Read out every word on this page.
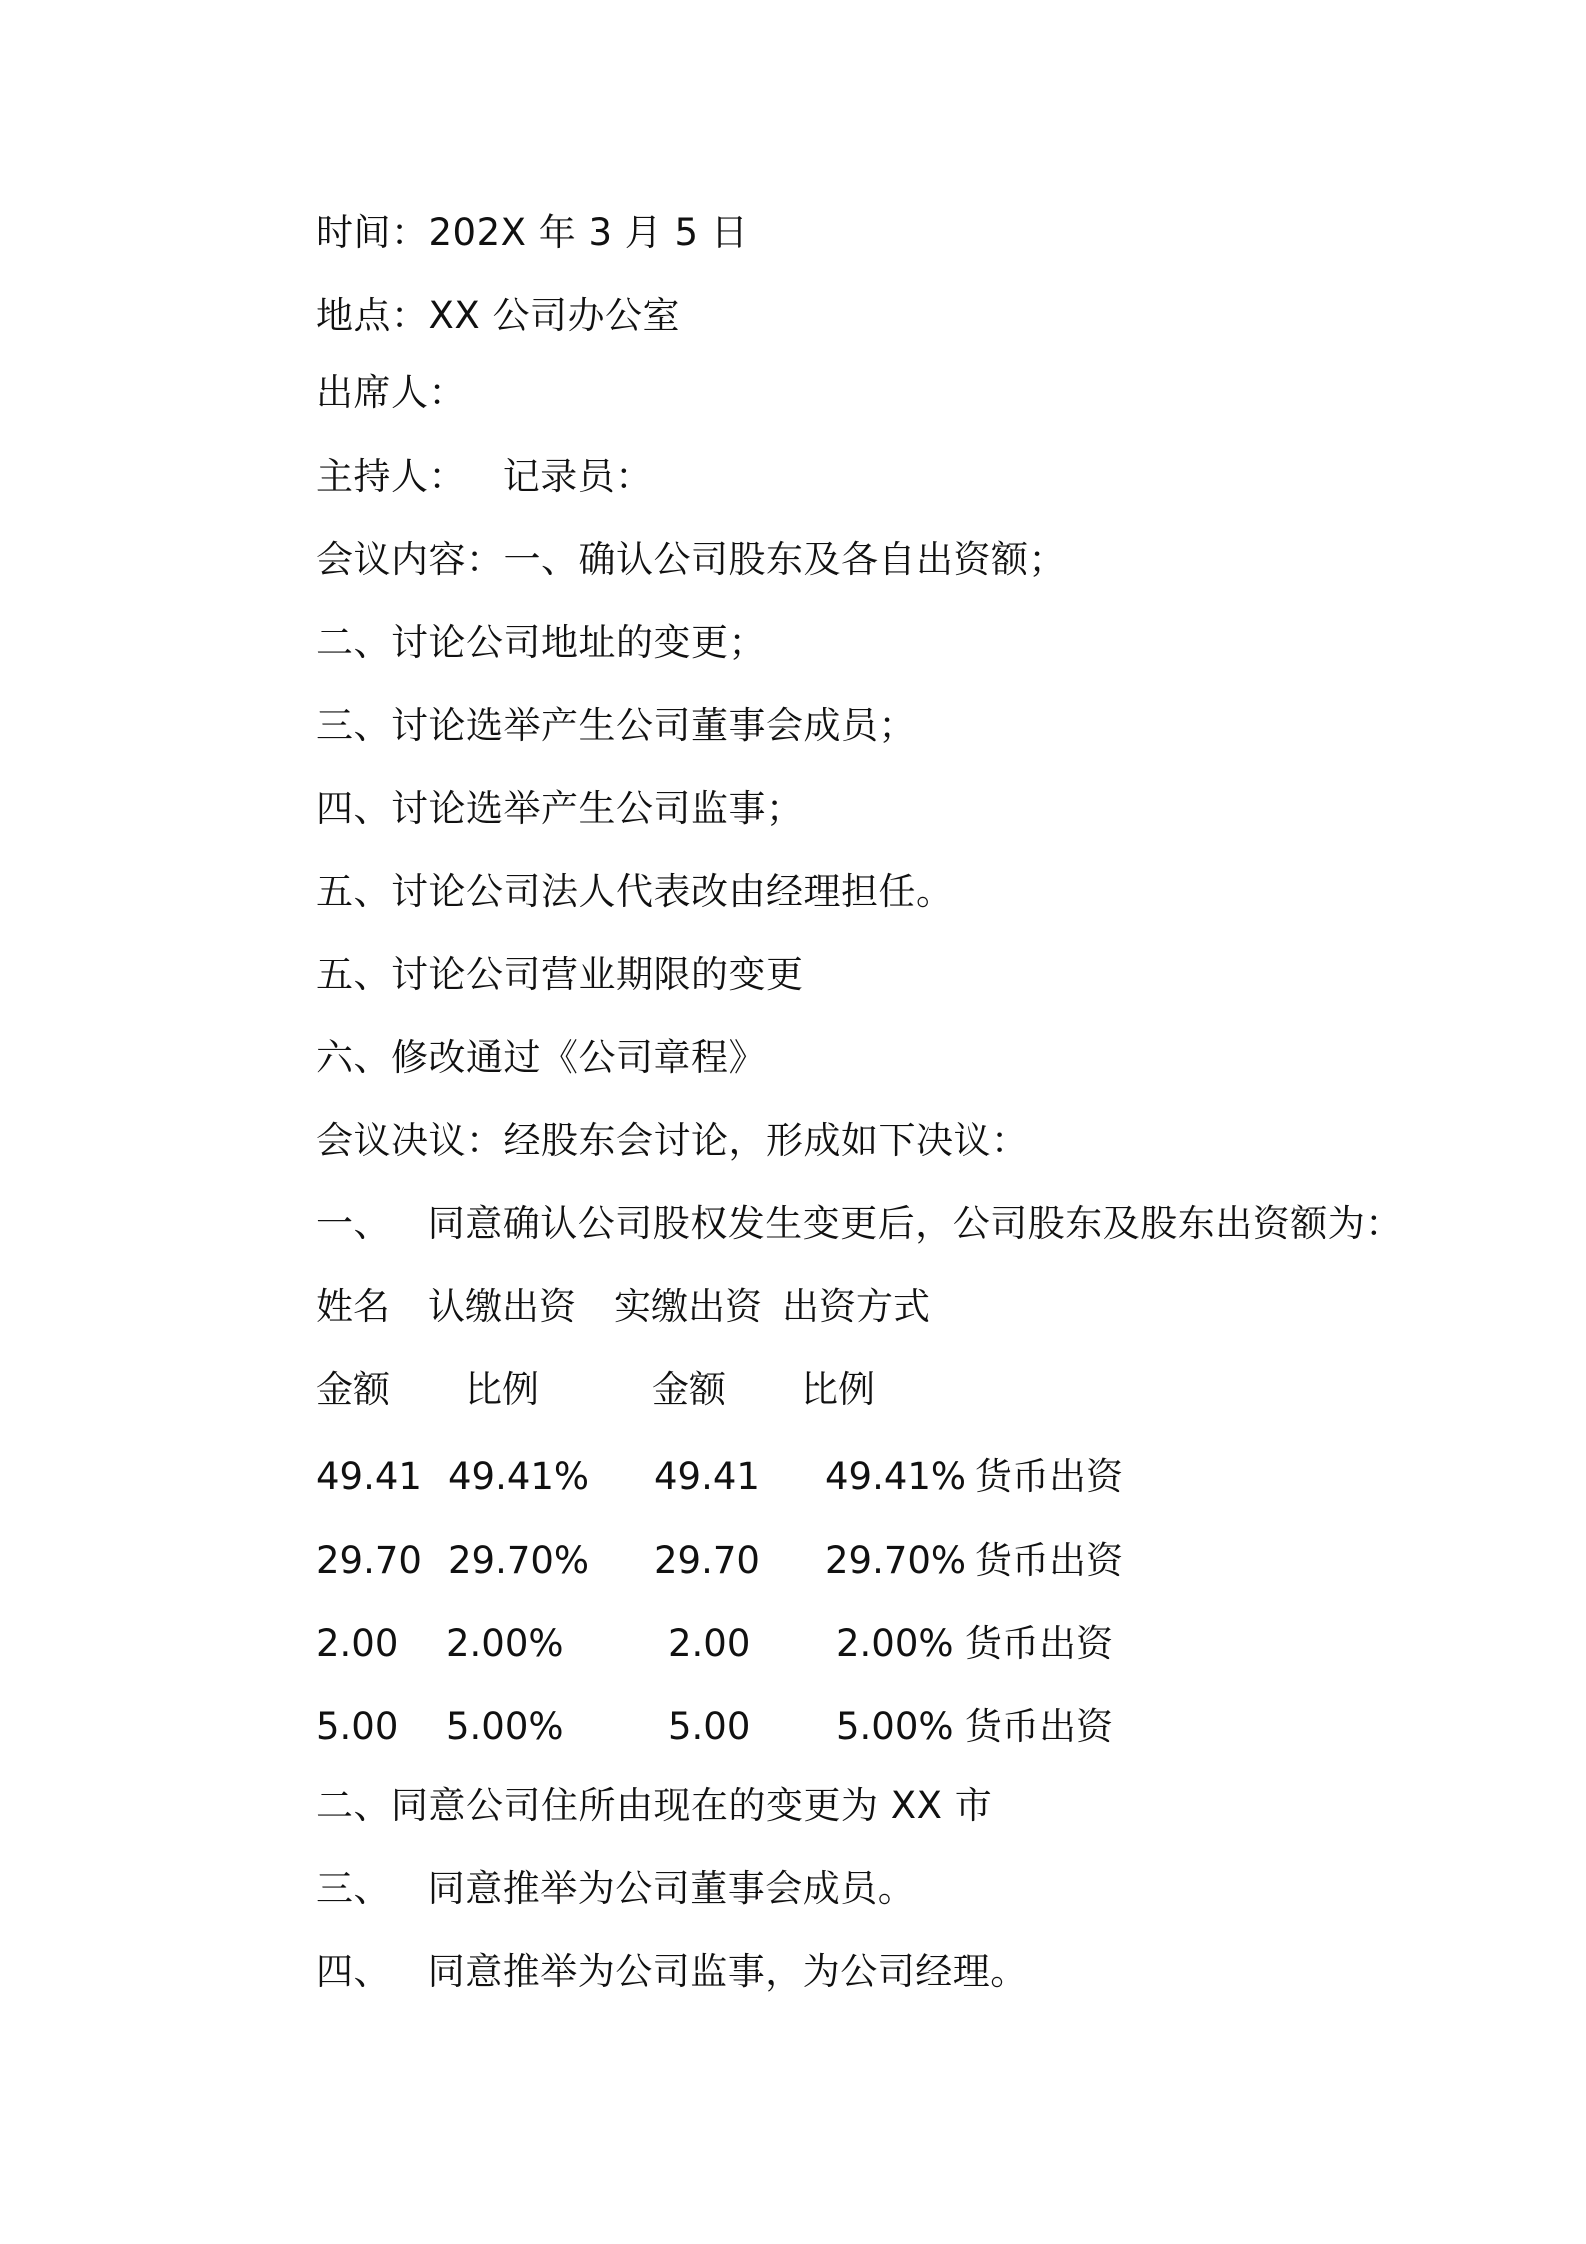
时间：202X 年 3 月 5 日
地点：XX 公司办公室
出席人：
主持人：   记录员：
会议内容：一、确认公司股东及各自出资额；
二、讨论公司地址的变更；
三、讨论选举产生公司董事会成员；
四、讨论选举产生公司监事；
五、讨论公司法人代表改由经理担任。
五、讨论公司营业期限的变更
六、修改通过《公司章程》
会议决议：经股东会讨论，形成如下决议：
一、   同意确认公司股权发生变更后，公司股东及股东出资额为：
姓名 认缴出资 实缴出资 出资方式
金额 比例	金额 比例
49.41 49.41% 49.41 49.41% 货币出资
29.70 29.70% 29.70 29.70% 货币出资
2.00 2.00%	2.00 2.00% 货币出资
5.00 5.00%	5.00 5.00% 货币出资
二、同意公司住所由现在的变更为 XX 市
三、   同意推举为公司董事会成员。
四、   同意推举为公司监事，为公司经理。
